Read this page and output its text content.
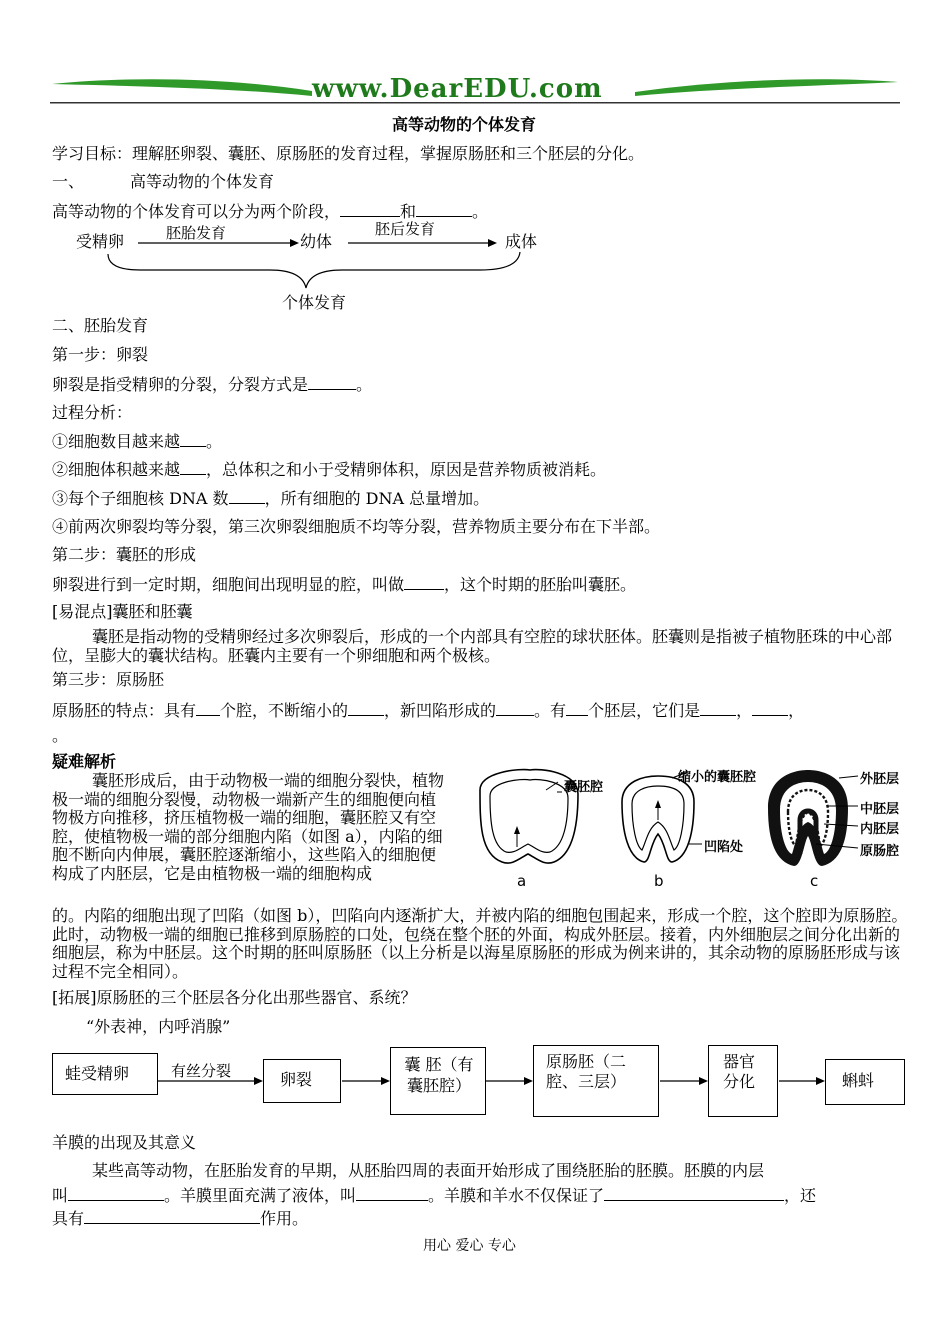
www.DearEDU.com
高等动物的个体发育
学习目标：理解胚卵裂、囊胚、原肠胚的发育过程，掌握原肠胚和三个胚层的分化。
一、	高等动物的个体发育
高等动物的个体发育可以分为两个阶段，	和	。
受精卵	胚胎发育	幼体
胚后发育
成体
个体发育
二、胚胎发育
第一步：卵裂
卵裂是指受精卵的分裂，分裂方式是	。
过程分析：
①细胞数目越来越 。
②细胞体积越来越 ，总体积之和小于受精卵体积，原因是营养物质被消耗。
③每个子细胞核 DNA 数 ，所有细胞的 DNA 总量增加。
④前两次卵裂均等分裂，第三次卵裂细胞质不均等分裂，营养物质主要分布在下半部。
第二步：囊胚的形成
卵裂进行到一定时期，细胞间出现明显的腔，叫做	，这个时期的胚胎叫囊胚。
[易混点]囊胚和胚囊
囊胚是指动物的受精卵经过多次卵裂后，形成的一个内部具有空腔的球状胚体。胚囊则是指被子植物胚珠的中心部位，呈膨大的囊状结构。胚囊内主要有一个卵细胞和两个极核。
第三步：原肠胚
原肠胚的特点：具有 个腔，不断缩小的 ，新凹陷形成的 。有 个胚层，它们是 ， ，
。
疑难解析
囊胚形成后，由于动物极一端的细胞分裂快，植物极一端的细胞分裂慢，动物极一端新产生的细胞便向植物极方向推移，挤压植物极一端的细胞，囊胚腔又有空腔，使植物极一端的部分细胞内陷（如图 a），内陷的细胞不断向内伸展，囊胚腔逐渐缩小，这些陷入的细胞便构成了内胚层，它是由植物极一端的细胞构成
的。内陷的细胞出现了凹陷（如图 b），凹陷向内逐渐扩大，并被内陷的细胞包围起来，形成一个腔，这个腔即为原肠腔。此时，动物极一端的细胞已推移到原肠腔的口处，包绕在整个胚的外面，构成外胚层。接着，内外细胞层之间分化出新的细胞层，称为中胚层。这个时期的胚叫原肠胚（以上分析是以海星原肠胚的形成为例来讲的，其余动物的原肠胚形成与该过程不完全相同）。
囊胚腔
缩小的囊胚腔
凹陷处
外胚层
中胚层
内胚层
原肠腔
a	b	c
[拓展]原肠胚的三个胚层各分化出那些器官、系统？
“外表神，内呼消腺”
蛙受精卵	有丝分裂	卵裂
囊 胚（有囊胚腔）
原肠胚（二腔、三层）
器官分化	蝌蚪
羊膜的出现及其意义
某些高等动物，在胚胎发育的早期，从胚胎四周的表面开始形成了围绕胚胎的胚膜。胚膜的内层
叫	。羊膜里面充满了液体，叫	。羊膜和羊水不仅保证了	，还
具有	作用。
用心 爱心 专心
